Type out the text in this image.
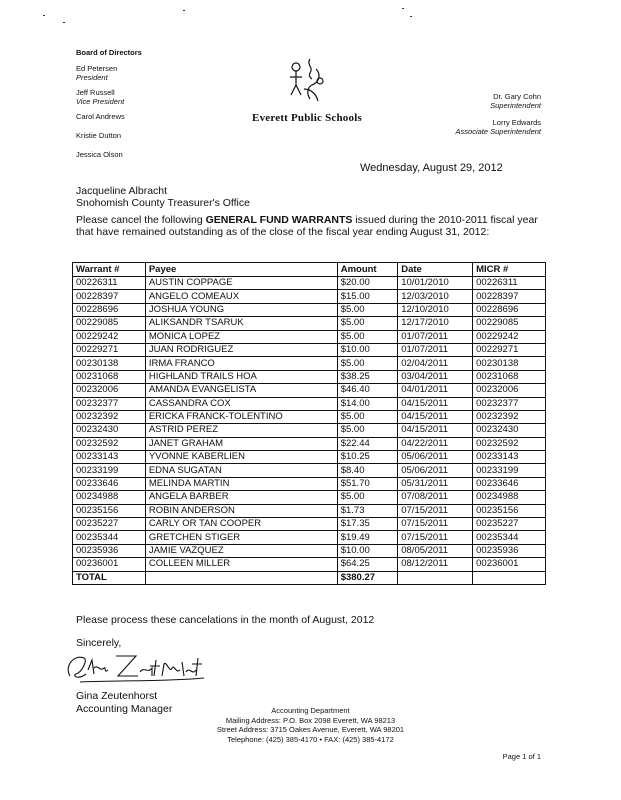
Board of Directors
Ed Petersen
President
Jeff Russell
Vice President
Carol Andrews
Kristie Dutton
Jessica Olson
Everett Public Schools
Dr. Gary Cohn
Superintendent
Lorry Edwards
Associate Superintendent
Wednesday, August 29, 2012
Jacqueline Albracht
Snohomish County Treasurer's Office
Please cancel the following GENERAL FUND WARRANTS issued during the 2010-2011 fiscal year that have remained outstanding as of the close of the fiscal year ending August 31, 2012:
Warrant #	Payee	Amount	Date	MICR #
00226311	AUSTIN COPPAGE	$20.00	10/01/2010	00226311
00228397	ANGELO COMEAUX	$15.00	12/03/2010	00228397
00228696	JOSHUA YOUNG	$5.00	12/10/2010	00228696
00229085	ALIKSANDR TSARUK	$5.00	12/17/2010	00229085
00229242	MONICA LOPEZ	$5.00	01/07/2011	00229242
00229271	JUAN RODRIGUEZ	$10.00	01/07/2011	00229271
00230138	IRMA FRANCO	$5.00	02/04/2011	00230138
00231068	HIGHLAND TRAILS HOA	$38.25	03/04/2011	00231068
00232006	AMANDA EVANGELISTA	$46.40	04/01/2011	00232006
00232377	CASSANDRA COX	$14.00	04/15/2011	00232377
00232392	ERICKA FRANCK-TOLENTINO	$5.00	04/15/2011	00232392
00232430	ASTRID PEREZ	$5.00	04/15/2011	00232430
00232592	JANET GRAHAM	$22.44	04/22/2011	00232592
00233143	YVONNE KABERLIEN	$10.25	05/06/2011	00233143
00233199	EDNA SUGATAN	$8.40	05/06/2011	00233199
00233646	MELINDA MARTIN	$51.70	05/31/2011	00233646
00234988	ANGELA BARBER	$5.00	07/08/2011	00234988
00235156	ROBIN ANDERSON	$1.73	07/15/2011	00235156
00235227	CARLY OR TAN COOPER	$17.35	07/15/2011	00235227
00235344	GRETCHEN STIGER	$19.49	07/15/2011	00235344
00235936	JAMIE VAZQUEZ	$10.00	08/05/2011	00235936
00236001	COLLEEN MILLER	$64.25	08/12/2011	00236001
TOTAL		$380.27		
Please process these cancelations in the month of August, 2012
Sincerely,
Gina Zeutenhorst
Accounting Manager	Accounting Department
Mailing Address: P.O. Box 2098 Everett, WA 98213
Street Address: 3715 Oakes Avenue, Everett, WA 98201
Telephone: (425) 385-4170 • FAX: (425) 385-4172
Page 1 of 1
